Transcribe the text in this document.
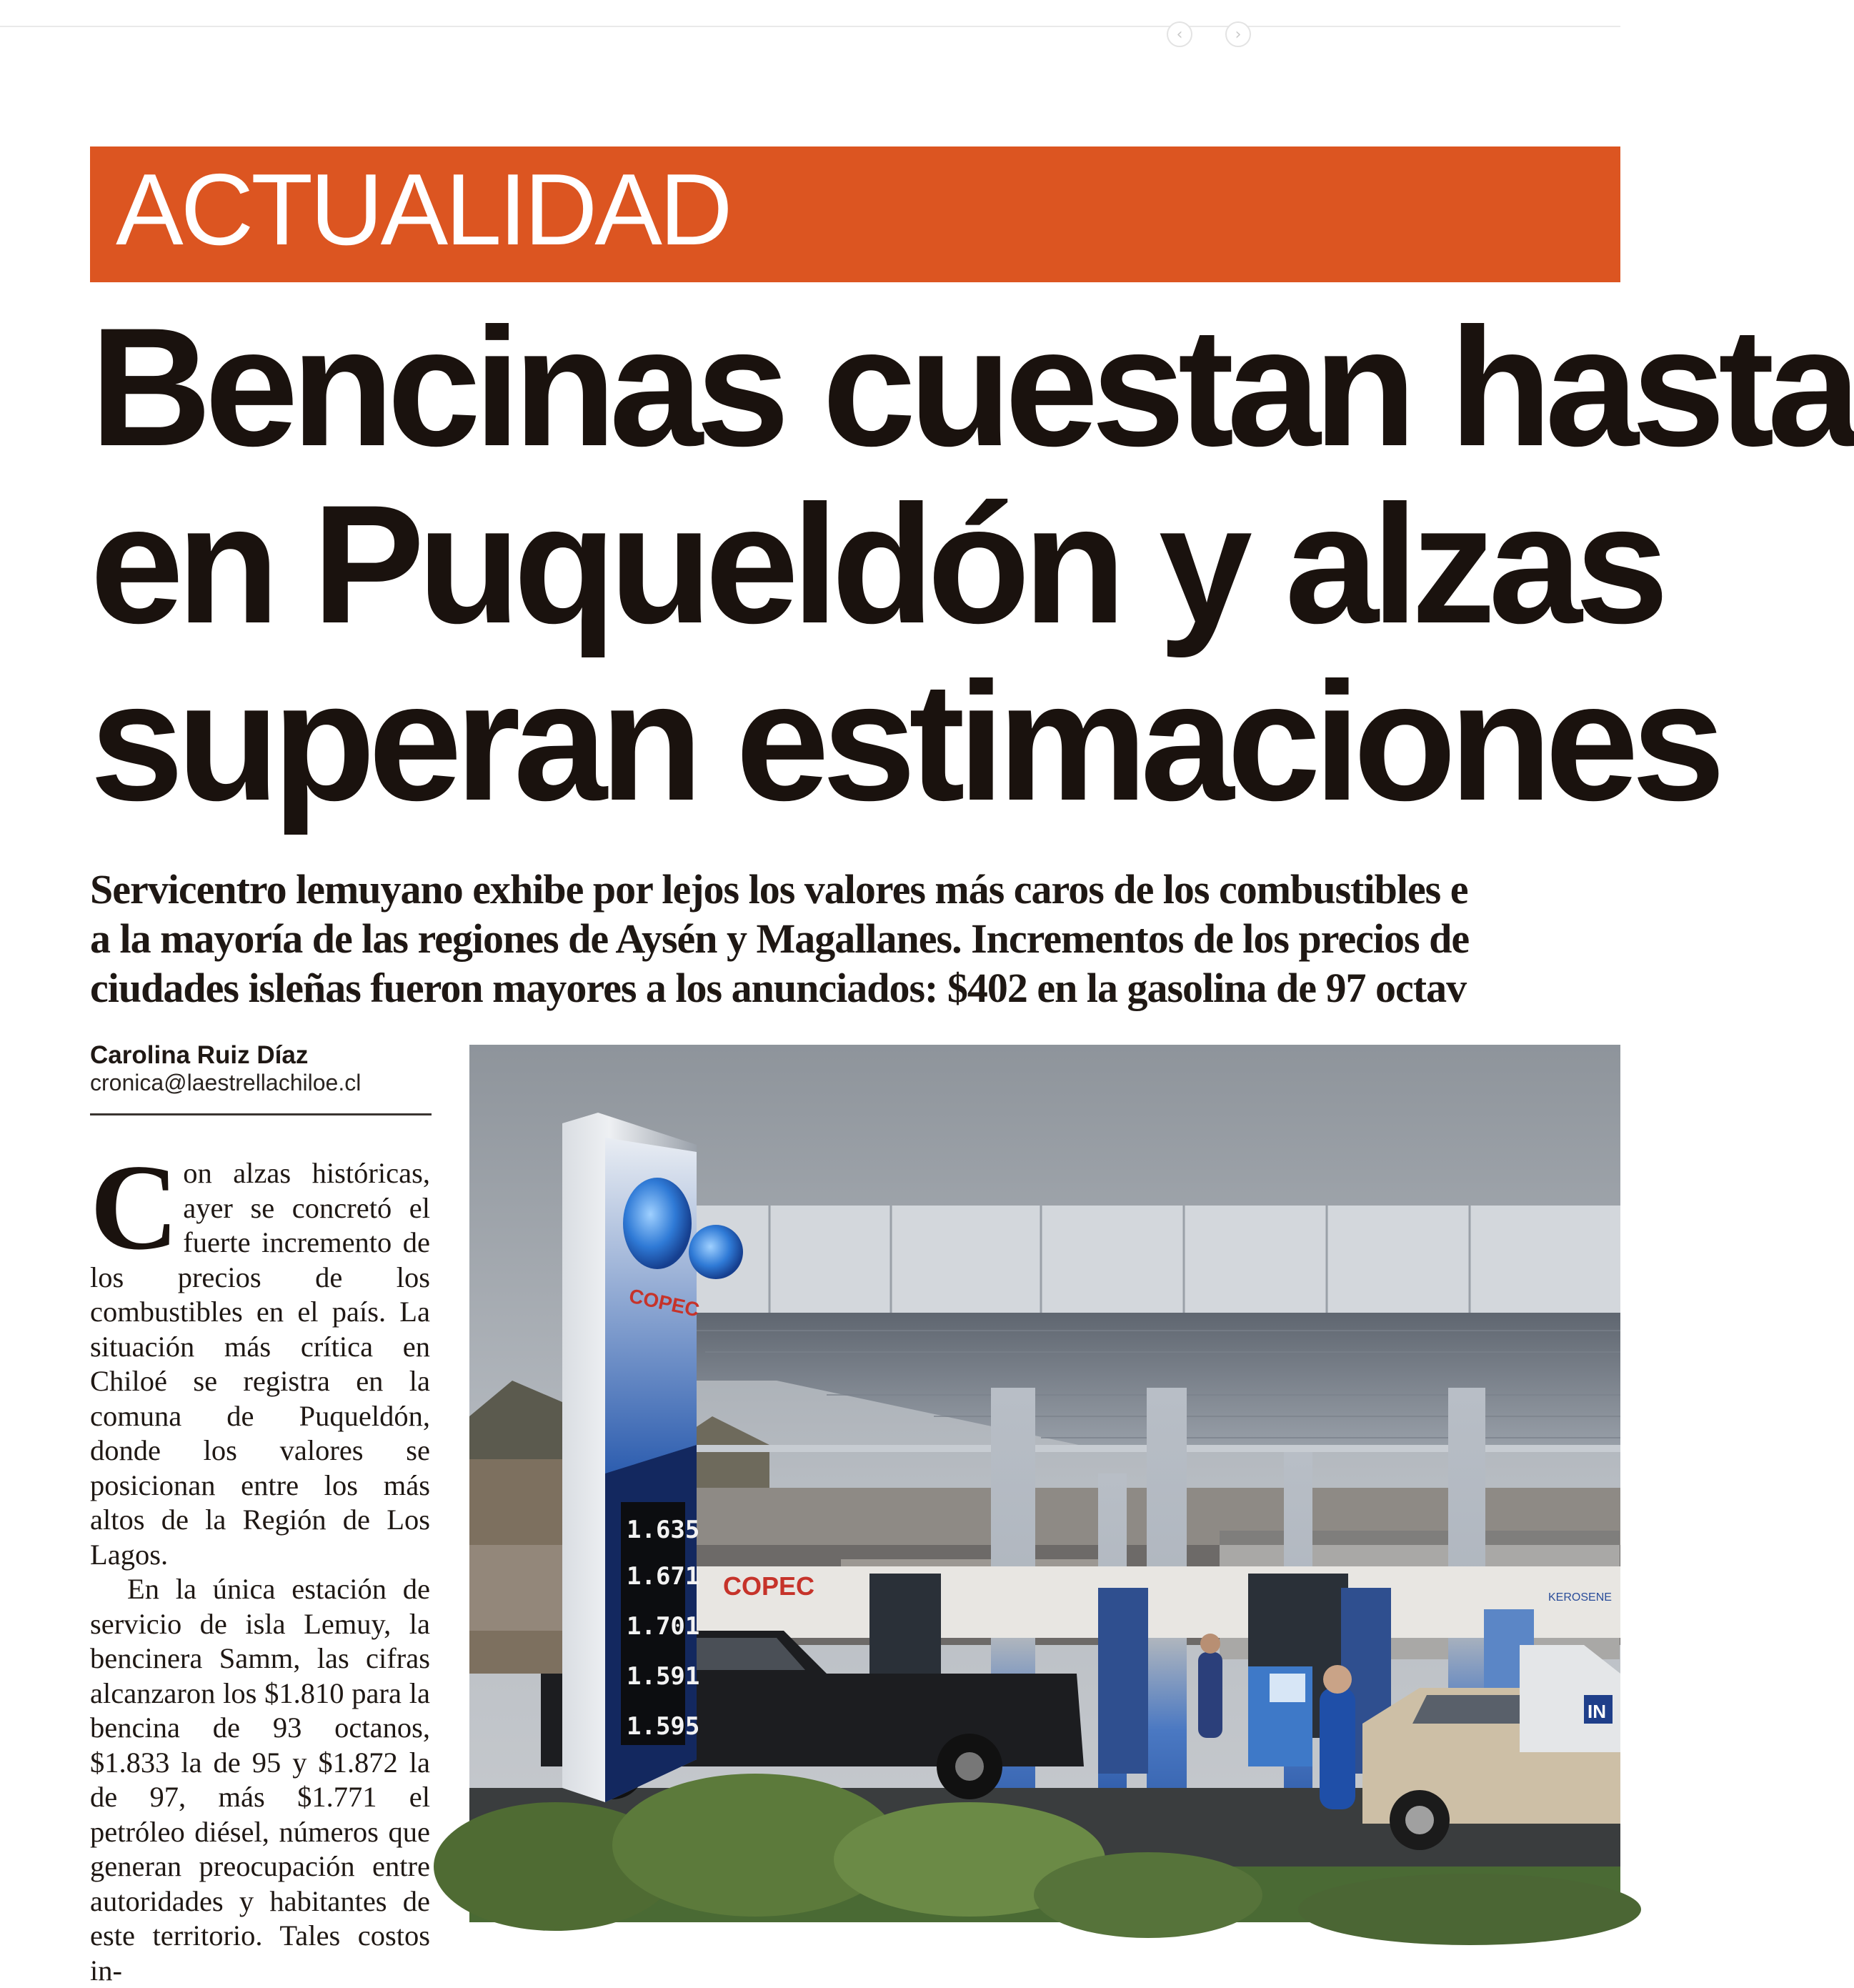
‹	›
ACTUALIDAD
Bencinas cuestan hasta
en Puqueldón y alzas
superan estimaciones
Servicentro lemuyano exhibe por lejos los valores más caros de los combustibles e
a la mayoría de las regiones de Aysén y Magallanes. Incrementos de los precios de
ciudades isleñas fueron mayores a los anunciados: $402 en la gasolina de 97 octav
Carolina Ruiz Díaz
cronica@laestrellachiloe.cl

Con alzas históricas, ayer se concretó el fuerte incremento de los precios de los combustibles en el país. La situación más crítica en Chiloé se registra en la comuna de Puqueldón, donde los valores se posicionan entre los más altos de la Región de Los Lagos.

En la única estación de servicio de isla Lemuy, la bencinera Samm, las cifras alcanzaron los $1.810 para la bencina de 93 octanos, $1.833 la de 95 y $1.872 la de 97, más $1.771 el petróleo diésel, números que generan preocupación entre autoridades y habitantes de este territorio. Tales costos in-

COPEC	KEROSENE
IN
COPEC
1.635
1.671
1.701
1.591
1.595
